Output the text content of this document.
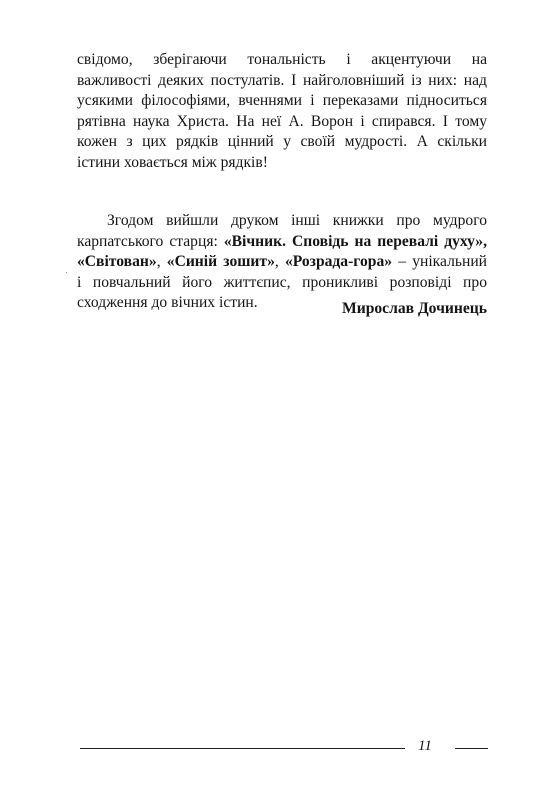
свідомо, зберігаючи тональність і акцентуючи на
важливості деяких постулатів. І найголовніший із них: над
усякими філософіями, вченнями і переказами підноситься
рятівна наука Христа. На неї А. Ворон і спирався. І тому
кожен з цих рядків цінний у своїй мудрості. А скільки
істини ховається між рядків!
Згодом вийшли друком інші книжки про мудрого
карпатського старця: «Вічник. Сповідь на перевалі духу»,
«Світован», «Синій зошит», «Розрада-гора» – унікальний
і повчальний його життєпис, проникливі розповіді про
сходження до вічних істин.	Мирослав Дочинець
11
